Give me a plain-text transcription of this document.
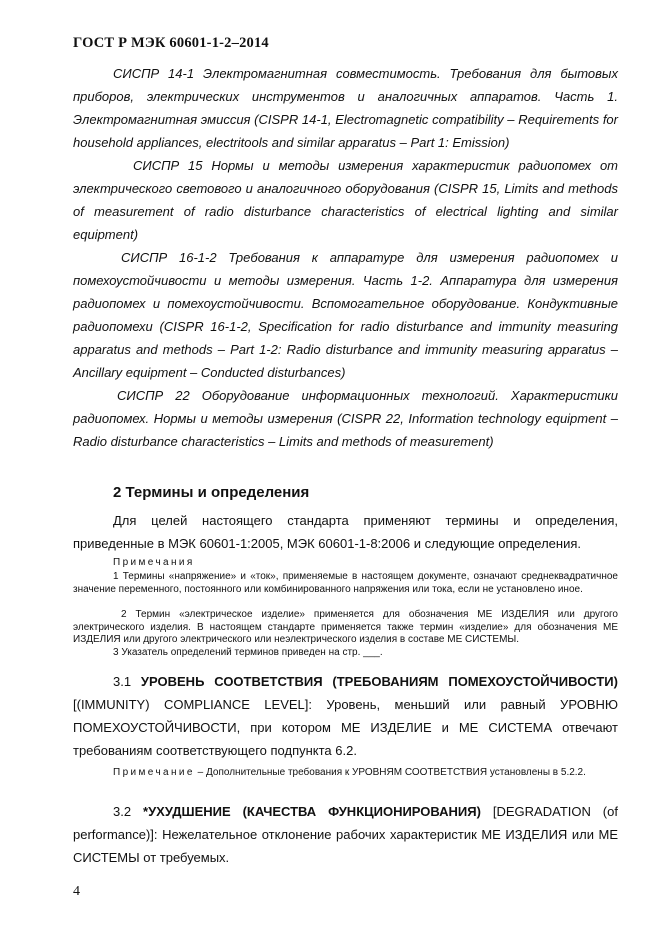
ГОСТ Р МЭК 60601-1-2–2014
СИСПР 14-1 Электромагнитная совместимость. Требования для бытовых приборов, электрических инструментов и аналогичных аппаратов. Часть 1. Электромагнитная эмиссия (CISPR 14-1, Electromagnetic compatibility – Requirements for household appliances, electritools and similar apparatus – Part 1: Emission)
СИСПР 15 Нормы и методы измерения характеристик радиопомех от электрического светового и аналогичного оборудования (CISPR 15, Limits and methods of measurement of radio disturbance characteristics of electrical lighting and similar equipment)
СИСПР 16-1-2 Требования к аппаратуре для измерения радиопомех и помехоустойчивости и методы измерения. Часть 1-2. Аппаратура для измерения радиопомех и помехоустойчивости. Вспомогательное оборудование. Кондуктивные радиопомехи (CISPR 16-1-2, Specification for radio disturbance and immunity measuring apparatus and methods – Part 1-2: Radio disturbance and immunity measuring apparatus – Ancillary equipment – Conducted disturbances)
СИСПР 22 Оборудование информационных технологий. Характеристики радиопомех. Нормы и методы измерения (CISPR 22, Information technology equipment – Radio disturbance characteristics – Limits and methods of measurement)
2 Термины и определения
Для целей настоящего стандарта применяют термины и определения, приведенные в МЭК 60601-1:2005, МЭК 60601-1-8:2006 и следующие определения.
Примечания
1 Термины «напряжение» и «ток», применяемые в настоящем документе, означают среднеквадратичное значение переменного, постоянного или комбинированного напряжения или тока, если не установлено иное.
2 Термин «электрическое изделие» применяется для обозначения МЕ ИЗДЕЛИЯ или другого электрического изделия. В настоящем стандарте применяется также термин «изделие» для обозначения МЕ ИЗДЕЛИЯ или другого электрического или неэлектрического изделия в составе МЕ СИСТЕМЫ.
3 Указатель определений терминов приведен на стр. ___.
3.1 УРОВЕНЬ СООТВЕТСТВИЯ (ТРЕБОВАНИЯМ ПОМЕХОУСТОЙЧИВОСТИ) [(IMMUNITY) COMPLIANCE LEVEL]: Уровень, меньший или равный УРОВНЮ ПОМЕХОУСТОЙЧИВОСТИ, при котором МЕ ИЗДЕЛИЕ и МЕ СИСТЕМА отвечают требованиям соответствующего подпункта 6.2.
Примечание – Дополнительные требования к УРОВНЯМ СООТВЕТСТВИЯ установлены в 5.2.2.
3.2 *УХУДШЕНИЕ (КАЧЕСТВА ФУНКЦИОНИРОВАНИЯ) [DEGRADATION (of performance)]: Нежелательное отклонение рабочих характеристик МЕ ИЗДЕЛИЯ или МЕ СИСТЕМЫ от требуемых.
4
